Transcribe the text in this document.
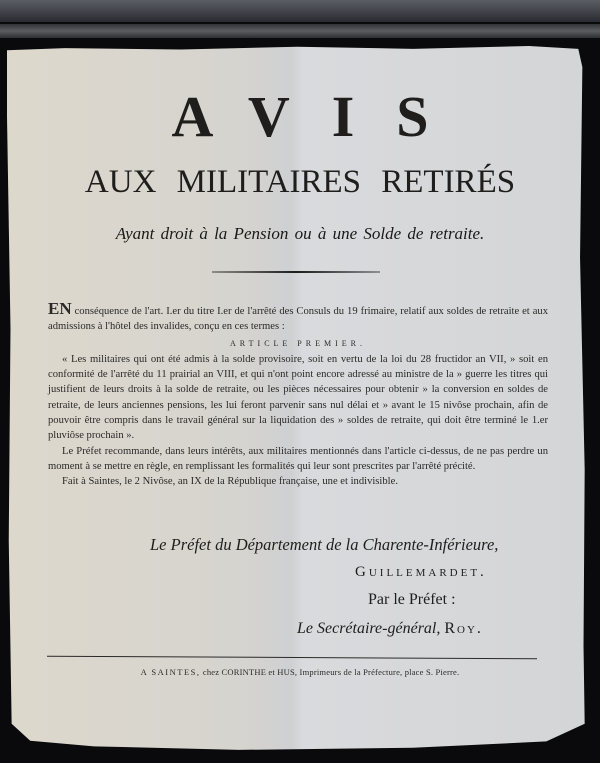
AVIS
AUX MILITAIRES RETIRÉS
Ayant droit à la Pension ou à une Solde de retraite.

EN conséquence de l'art. I.er du titre I.er de l'arrêté des Consuls du 19 frimaire, relatif aux soldes de retraite et aux admissions à l'hôtel des invalides, conçu en ces termes :

ARTICLE PREMIER.

« Les militaires qui ont été admis à la solde provisoire, soit en vertu de la loi du 28 fructidor an VII, » soit en conformité de l'arrêté du 11 prairial an VIII, et qui n'ont point encore adressé au ministre de la » guerre les titres qui justifient de leurs droits à la solde de retraite, ou les pièces nécessaires pour obtenir » la conversion en soldes de retraite, de leurs anciennes pensions, les lui feront parvenir sans nul délai et » avant le 15 nivôse prochain, afin de pouvoir être compris dans le travail général sur la liquidation des » soldes de retraite, qui doit être terminé le 1.er pluviôse prochain ».

Le Préfet recommande, dans leurs intérêts, aux militaires mentionnés dans l'article ci-dessus, de ne pas perdre un moment à se mettre en règle, en remplissant les formalités qui leur sont prescrites par l'arrêté précité.

Fait à Saintes, le 2 Nivôse, an IX de la République française, une et indivisible.

Le Préfet du Département de la Charente-Inférieure,
Guillemardet.
Par le Préfet :
Le Secrétaire-général, Roy.
A SAINTES, chez CORINTHE et HUS, Imprimeurs de la Préfecture, place S. Pierre.
